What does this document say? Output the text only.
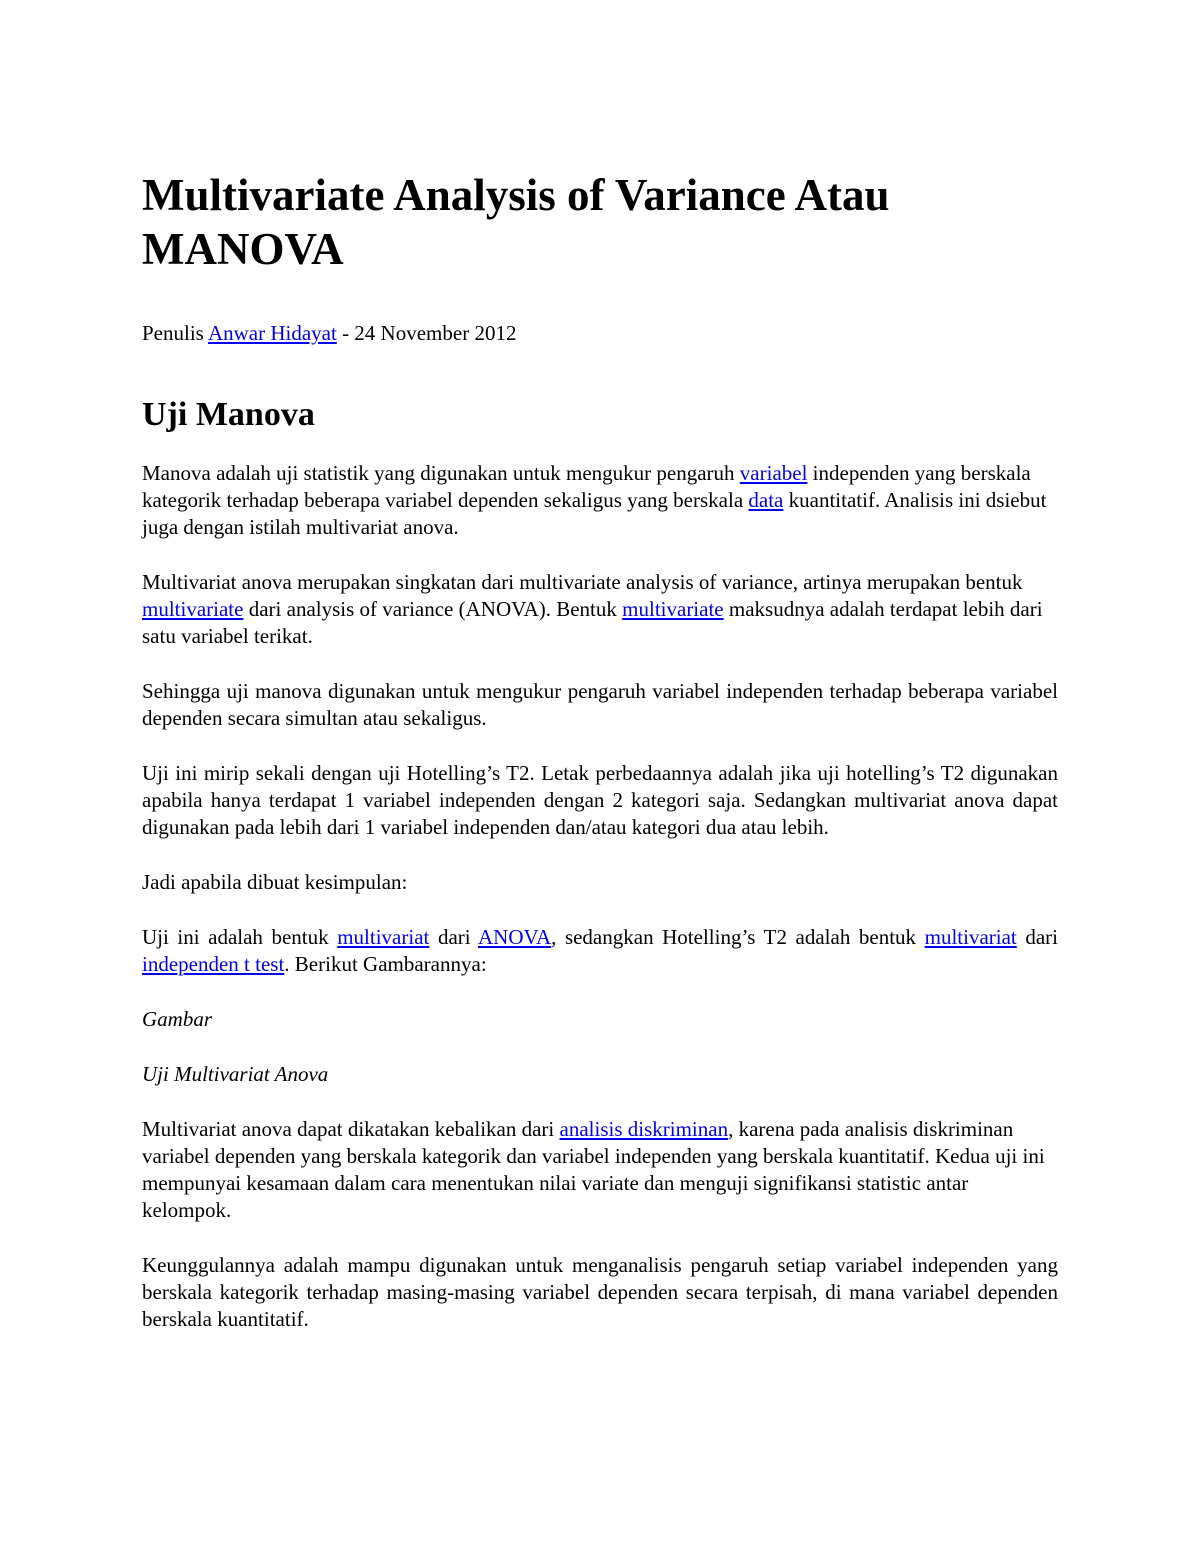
Multivariate Analysis of Variance Atau MANOVA

Penulis Anwar Hidayat - 24 November 2012

Uji Manova

Manova adalah uji statistik yang digunakan untuk mengukur pengaruh variabel independen yang berskala kategorik terhadap beberapa variabel dependen sekaligus yang berskala data kuantitatif. Analisis ini dsiebut juga dengan istilah multivariat anova.

Multivariat anova merupakan singkatan dari multivariate analysis of variance, artinya merupakan bentuk multivariate dari analysis of variance (ANOVA). Bentuk multivariate maksudnya adalah terdapat lebih dari satu variabel terikat.

Sehingga uji manova digunakan untuk mengukur pengaruh variabel independen terhadap beberapa variabel dependen secara simultan atau sekaligus.

Uji ini mirip sekali dengan uji Hotelling’s T2. Letak perbedaannya adalah jika uji hotelling’s T2 digunakan apabila hanya terdapat 1 variabel independen dengan 2 kategori saja. Sedangkan multivariat anova dapat digunakan pada lebih dari 1 variabel independen dan/atau kategori dua atau lebih.

Jadi apabila dibuat kesimpulan:

Uji ini adalah bentuk multivariat dari ANOVA, sedangkan Hotelling’s T2 adalah bentuk multivariat dari independen t test. Berikut Gambarannya:

Gambar

Uji Multivariat Anova

Multivariat anova dapat dikatakan kebalikan dari analisis diskriminan, karena pada analisis diskriminan variabel dependen yang berskala kategorik dan variabel independen yang berskala kuantitatif. Kedua uji ini mempunyai kesamaan dalam cara menentukan nilai variate dan menguji signifikansi statistic antar kelompok.

Keunggulannya adalah mampu digunakan untuk menganalisis pengaruh setiap variabel independen yang berskala kategorik terhadap masing-masing variabel dependen secara terpisah, di mana variabel dependen berskala kuantitatif.
